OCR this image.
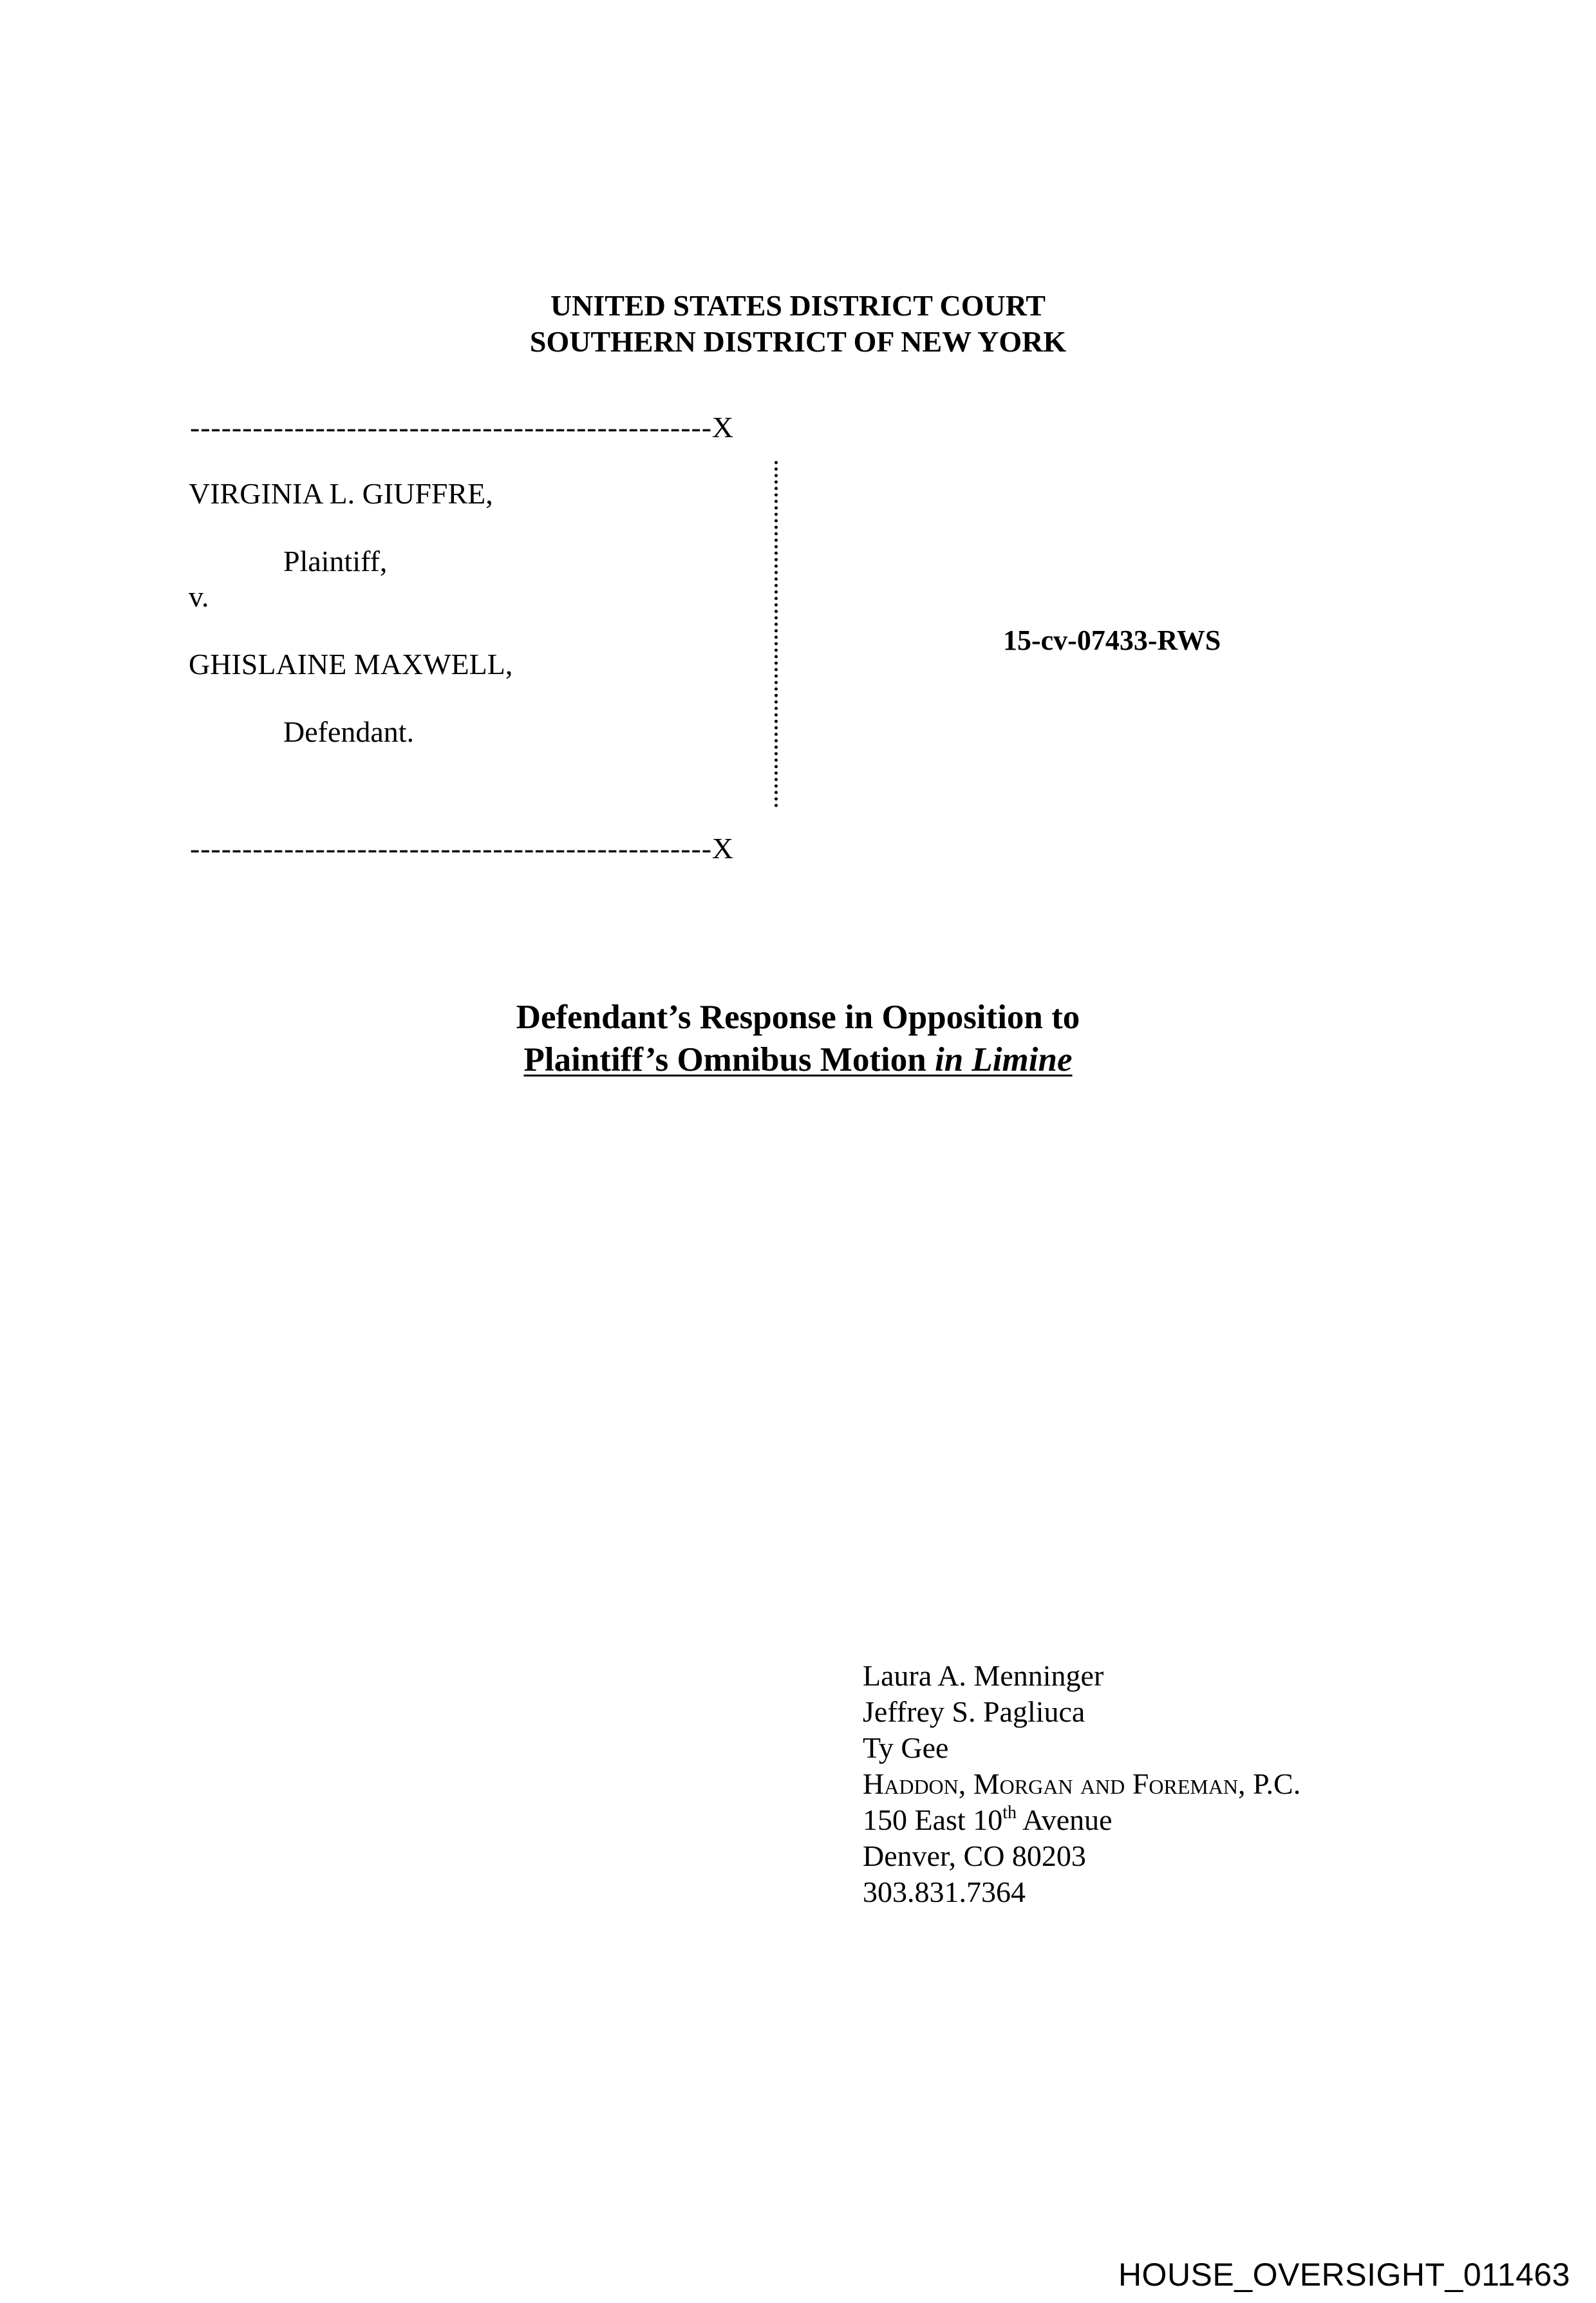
UNITED STATES DISTRICT COURT
SOUTHERN DISTRICT OF NEW YORK
--------------------------------------------------X
VIRGINIA L. GIUFFRE,
Plaintiff,
v.
GHISLAINE MAXWELL,
Defendant.
15-cv-07433-RWS
--------------------------------------------------X
Defendant’s Response in Opposition to
Plaintiff’s Omnibus Motion in Limine
Laura A. Menninger
Jeffrey S. Pagliuca
Ty Gee
Haddon, Morgan and Foreman, P.C.
150 East 10th Avenue
Denver, CO 80203
303.831.7364
HOUSE_OVERSIGHT_011463
